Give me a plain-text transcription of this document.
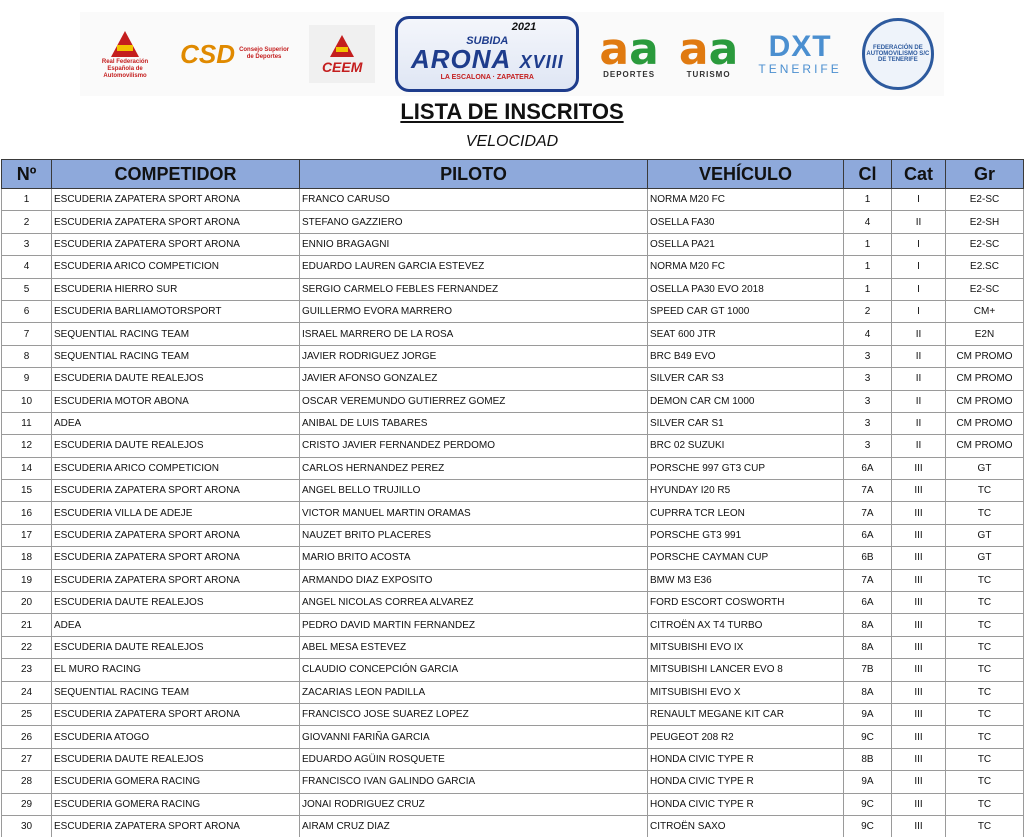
Real Federación Española de Automovilismo
CSD Consejo Superior de Deportes
CEEM
2021
SUBIDA
ARONA XVIII
LA ESCALONA · ZAPATERA
aa
DEPORTES aa
TURISMO
DXT
TENERIFE
FEDERACIÓN DE AUTOMOVILISMO S/C DE TENERIFE
LISTA DE INSCRITOS
VELOCIDAD
Nº	COMPETIDOR	PILOTO	VEHÍCULO	Cl	Cat	Gr
1	ESCUDERIA ZAPATERA SPORT ARONA	FRANCO CARUSO	NORMA M20 FC	1	I	E2-SC
2	ESCUDERIA ZAPATERA SPORT ARONA	STEFANO GAZZIERO	OSELLA FA30	4	II	E2-SH
3	ESCUDERIA ZAPATERA SPORT ARONA	ENNIO BRAGAGNI	OSELLA PA21	1	I	E2-SC
4	ESCUDERIA ARICO COMPETICION	EDUARDO LAUREN GARCIA ESTEVEZ	NORMA M20 FC	1	I	E2.SC
5	ESCUDERIA HIERRO SUR	SERGIO CARMELO FEBLES FERNANDEZ	OSELLA PA30 EVO 2018	1	I	E2-SC
6	ESCUDERIA BARLIAMOTORSPORT	GUILLERMO EVORA MARRERO	SPEED CAR GT 1000	2	I	CM+
7	SEQUENTIAL RACING TEAM	ISRAEL MARRERO DE LA ROSA	SEAT 600 JTR	4	II	E2N
8	SEQUENTIAL RACING TEAM	JAVIER RODRIGUEZ JORGE	BRC B49 EVO	3	II	CM PROMO
9	ESCUDERIA DAUTE REALEJOS	JAVIER AFONSO GONZALEZ	SILVER CAR S3	3	II	CM PROMO
10	ESCUDERIA MOTOR ABONA	OSCAR VEREMUNDO GUTIERREZ GOMEZ	DEMON CAR CM 1000	3	II	CM PROMO
11	ADEA	ANIBAL DE LUIS TABARES	SILVER CAR S1	3	II	CM PROMO
12	ESCUDERIA DAUTE REALEJOS	CRISTO JAVIER FERNANDEZ PERDOMO	BRC 02 SUZUKI	3	II	CM PROMO
14	ESCUDERIA ARICO COMPETICION	CARLOS HERNANDEZ PEREZ	PORSCHE 997 GT3 CUP	6A	III	GT
15	ESCUDERIA ZAPATERA SPORT ARONA	ANGEL BELLO TRUJILLO	HYUNDAY I20 R5	7A	III	TC
16	ESCUDERIA VILLA DE ADEJE	VICTOR MANUEL MARTIN ORAMAS	CUPRRA TCR LEON	7A	III	TC
17	ESCUDERIA ZAPATERA SPORT ARONA	NAUZET BRITO PLACERES	PORSCHE GT3 991	6A	III	GT
18	ESCUDERIA ZAPATERA SPORT ARONA	MARIO BRITO ACOSTA	PORSCHE CAYMAN CUP	6B	III	GT
19	ESCUDERIA ZAPATERA SPORT ARONA	ARMANDO DIAZ EXPOSITO	BMW M3 E36	7A	III	TC
20	ESCUDERIA DAUTE REALEJOS	ANGEL NICOLAS CORREA ALVAREZ	FORD ESCORT COSWORTH	6A	III	TC
21	ADEA	PEDRO DAVID MARTIN FERNANDEZ	CITROËN AX T4 TURBO	8A	III	TC
22	ESCUDERIA DAUTE REALEJOS	ABEL MESA ESTEVEZ	MITSUBISHI EVO IX	8A	III	TC
23	EL MURO RACING	CLAUDIO CONCEPCIÓN GARCIA	MITSUBISHI LANCER EVO 8	7B	III	TC
24	SEQUENTIAL RACING TEAM	ZACARIAS LEON PADILLA	MITSUBISHI EVO X	8A	III	TC
25	ESCUDERIA ZAPATERA SPORT ARONA	FRANCISCO JOSE SUAREZ LOPEZ	RENAULT MEGANE KIT CAR	9A	III	TC
26	ESCUDERIA ATOGO	GIOVANNI FARIÑA GARCIA	PEUGEOT 208 R2	9C	III	TC
27	ESCUDERIA DAUTE REALEJOS	EDUARDO AGÜIN ROSQUETE	HONDA CIVIC TYPE R	8B	III	TC
28	ESCUDERIA GOMERA RACING	FRANCISCO IVAN GALINDO GARCIA	HONDA CIVIC TYPE R	9A	III	TC
29	ESCUDERIA GOMERA RACING	JONAI RODRIGUEZ CRUZ	HONDA CIVIC TYPE R	9C	III	TC
30	ESCUDERIA ZAPATERA SPORT ARONA	AIRAM CRUZ DIAZ	CITROËN SAXO	9C	III	TC
